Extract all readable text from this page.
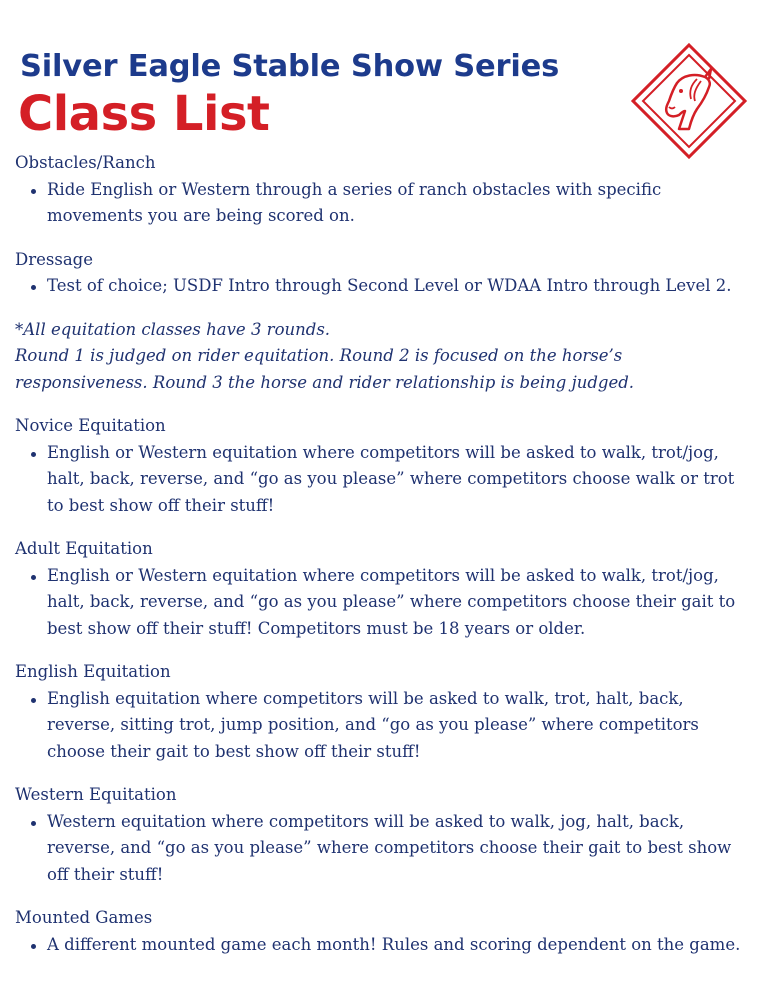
Silver Eagle Stable Show Series
Class List
Obstacles/Ranch
Ride English or Western through a series of ranch obstacles with specific movements you are being scored on.
Dressage
Test of choice; USDF Intro through Second Level or WDAA Intro through Level 2.
*All equitation classes have 3 rounds.
Round 1 is judged on rider equitation. Round 2 is focused on the horse’s responsiveness. Round 3 the horse and rider relationship is being judged.
Novice Equitation
English or Western equitation where competitors will be asked to walk, trot/jog, halt, back, reverse, and “go as you please” where competitors choose walk or trot to best show off their stuff!
Adult Equitation
English or Western equitation where competitors will be asked to walk, trot/jog, halt, back, reverse, and “go as you please” where competitors choose their gait to best show off their stuff! Competitors must be 18 years or older.
English Equitation
English equitation where competitors will be asked to walk, trot, halt, back, reverse, sitting trot, jump position, and “go as you please” where competitors choose their gait to best show off their stuff!
Western Equitation
Western equitation where competitors will be asked to walk, jog, halt, back, reverse, and “go as you please” where competitors choose their gait to best show off their stuff!
Mounted Games
A different mounted game each month! Rules and scoring dependent on the game.
